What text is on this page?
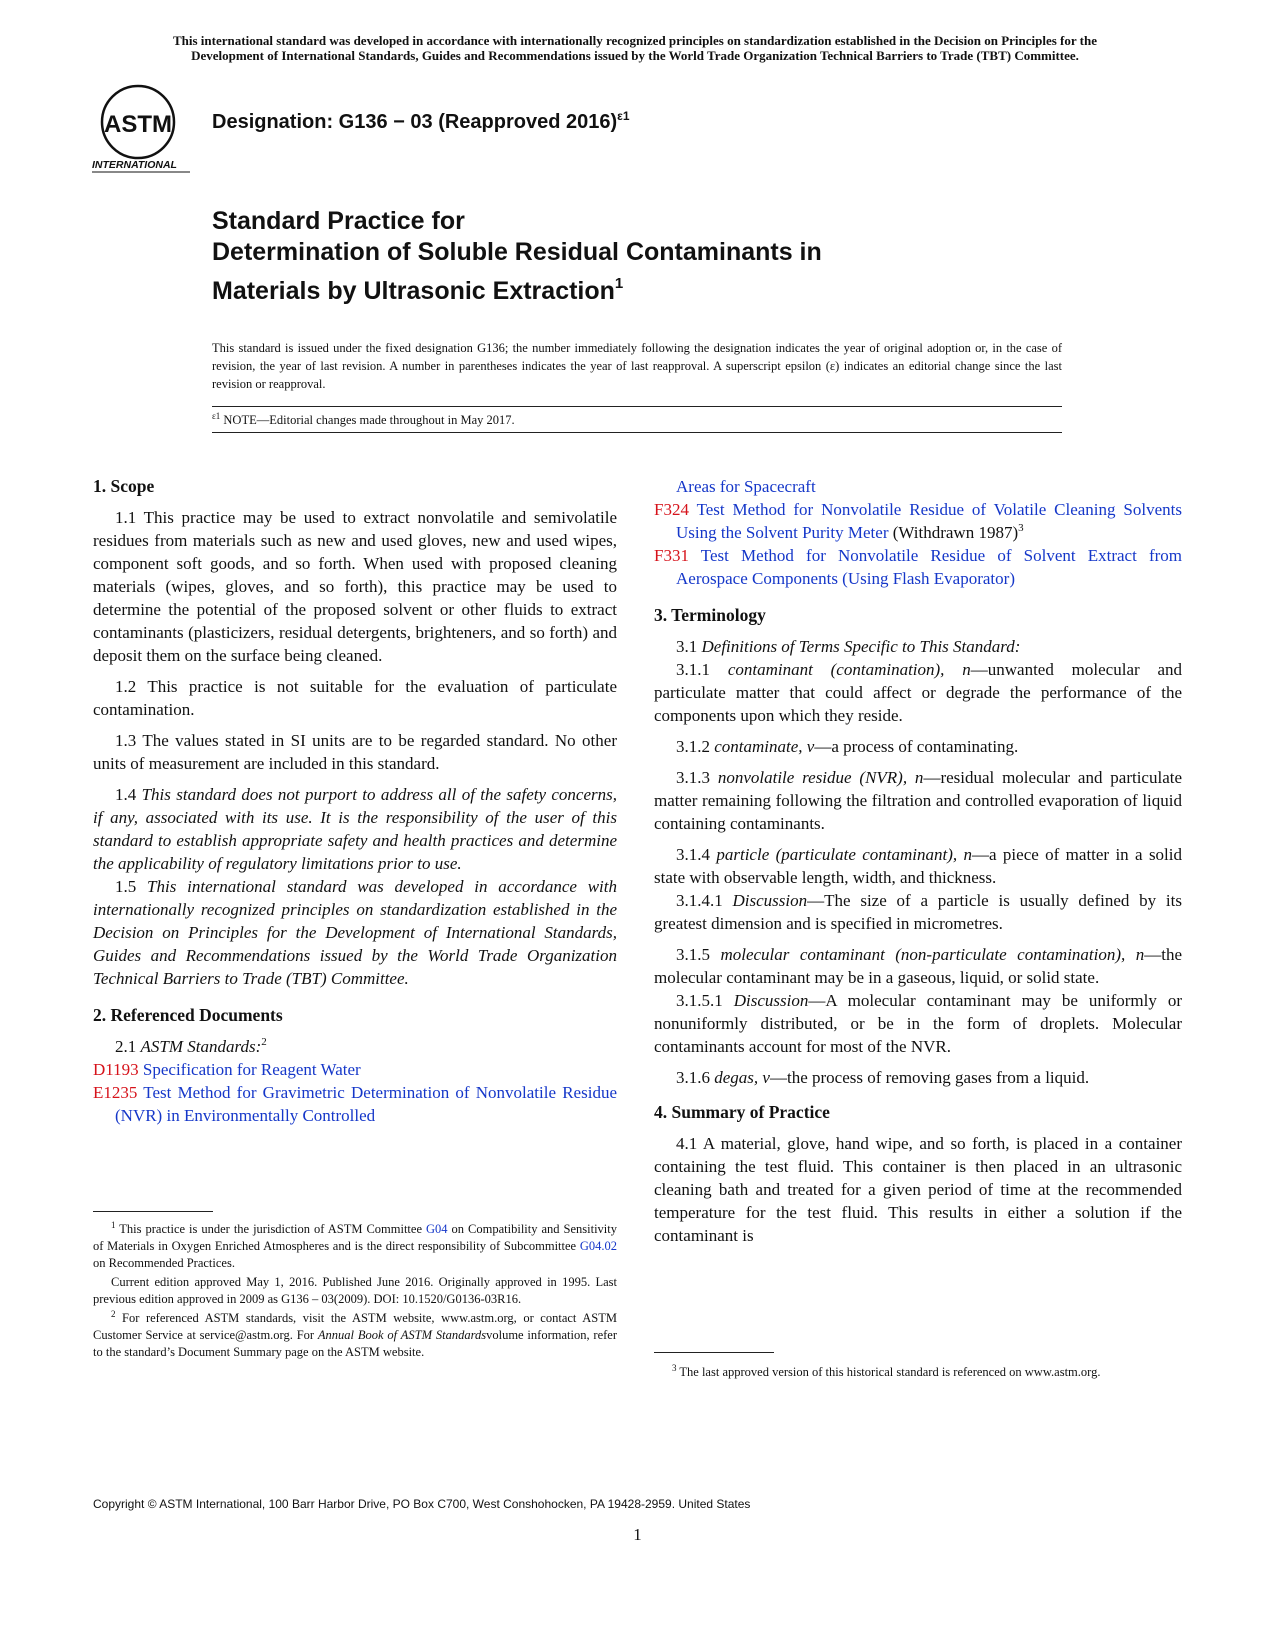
This international standard was developed in accordance with internationally recognized principles on standardization established in the Decision on Principles for the
Development of International Standards, Guides and Recommendations issued by the World Trade Organization Technical Barriers to Trade (TBT) Committee.
ASTM
INTERNATIONAL
Designation: G136 − 03 (Reapproved 2016)$^{\varepsilon 1}$
Standard Practice for
Determination of Soluble Residual Contaminants in
Materials by Ultrasonic Extraction$^1$
This standard is issued under the fixed designation G136; the number immediately following the designation indicates the year of original adoption or, in the case of revision, the year of last revision. A number in parentheses indicates the year of last reapproval. A superscript epsilon (ε) indicates an editorial change since the last revision or reapproval.
$^{\varepsilon 1}$ NOTE—Editorial changes made throughout in May 2017.
1. Scope

1.1 This practice may be used to extract nonvolatile and semivolatile residues from materials such as new and used gloves, new and used wipes, component soft goods, and so forth. When used with proposed cleaning materials (wipes, gloves, and so forth), this practice may be used to determine the potential of the proposed solvent or other fluids to extract contaminants (plasticizers, residual detergents, brighteners, and so forth) and deposit them on the surface being cleaned.

1.2 This practice is not suitable for the evaluation of particulate contamination.

1.3 The values stated in SI units are to be regarded standard. No other units of measurement are included in this standard.

1.4 This standard does not purport to address all of the safety concerns, if any, associated with its use. It is the responsibility of the user of this standard to establish appropriate safety and health practices and determine the applicability of regulatory limitations prior to use.

1.5 This international standard was developed in accordance with internationally recognized principles on standardization established in the Decision on Principles for the Development of International Standards, Guides and Recommendations issued by the World Trade Organization Technical Barriers to Trade (TBT) Committee.

2. Referenced Documents

2.1 ASTM Standards:$^2$

D1193 Specification for Reagent Water
E1235 Test Method for Gravimetric Determination of Nonvolatile Residue (NVR) in Environmentally Controlled
Areas for Spacecraft
F324 Test Method for Nonvolatile Residue of Volatile Cleaning Solvents Using the Solvent Purity Meter (Withdrawn 1987)$^3$
F331 Test Method for Nonvolatile Residue of Solvent Extract from Aerospace Components (Using Flash Evaporator)
3. Terminology

3.1 Definitions of Terms Specific to This Standard:

3.1.1 contaminant (contamination), n—unwanted molecular and particulate matter that could affect or degrade the performance of the components upon which they reside.

3.1.2 contaminate, v—a process of contaminating.

3.1.3 nonvolatile residue (NVR), n—residual molecular and particulate matter remaining following the filtration and controlled evaporation of liquid containing contaminants.

3.1.4 particle (particulate contaminant), n—a piece of matter in a solid state with observable length, width, and thickness.

3.1.4.1 Discussion—The size of a particle is usually defined by its greatest dimension and is specified in micrometres.

3.1.5 molecular contaminant (non-particulate contamination), n—the molecular contaminant may be in a gaseous, liquid, or solid state.

3.1.5.1 Discussion—A molecular contaminant may be uniformly or nonuniformly distributed, or be in the form of droplets. Molecular contaminants account for most of the NVR.

3.1.6 degas, v—the process of removing gases from a liquid.

4. Summary of Practice

4.1 A material, glove, hand wipe, and so forth, is placed in a container containing the test fluid. This container is then placed in an ultrasonic cleaning bath and treated for a given period of time at the recommended temperature for the test fluid. This results in either a solution if the contaminant is

$^1$ This practice is under the jurisdiction of ASTM Committee G04 on Compatibility and Sensitivity of Materials in Oxygen Enriched Atmospheres and is the direct responsibility of Subcommittee G04.02 on Recommended Practices.

Current edition approved May 1, 2016. Published June 2016. Originally approved in 1995. Last previous edition approved in 2009 as G136 – 03(2009). DOI: 10.1520/G0136-03R16.

$^2$ For referenced ASTM standards, visit the ASTM website, www.astm.org, or contact ASTM Customer Service at service@astm.org. For Annual Book of ASTM Standardsvolume information, refer to the standard’s Document Summary page on the ASTM website.

$^3$ The last approved version of this historical standard is referenced on www.astm.org.

Copyright © ASTM International, 100 Barr Harbor Drive, PO Box C700, West Conshohocken, PA 19428-2959. United States
1
